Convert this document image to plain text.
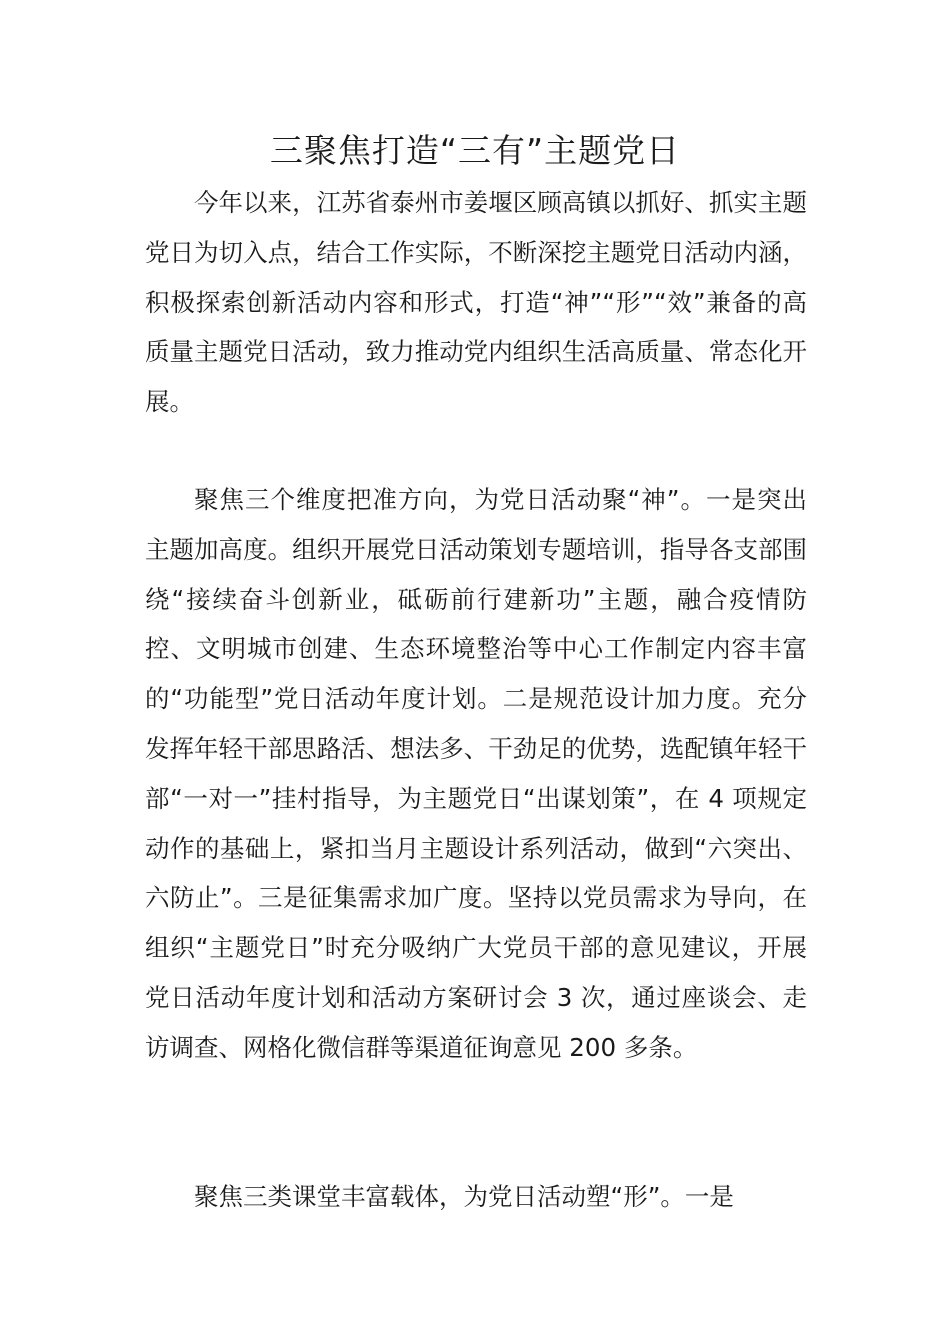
三聚焦打造“三有”主题党日

今年以来，江苏省泰州市姜堰区顾高镇以抓好、抓实主题党日为切入点，结合工作实际，不断深挖主题党日活动内涵，积极探索创新活动内容和形式，打造“神”“形”“效”兼备的高质量主题党日活动，致力推动党内组织生活高质量、常态化开展。

聚焦三个维度把准方向，为党日活动聚“神”。一是突出主题加高度。组织开展党日活动策划专题培训，指导各支部围绕“接续奋斗创新业，砥砺前行建新功”主题，融合疫情防控、文明城市创建、生态环境整治等中心工作制定内容丰富的“功能型”党日活动年度计划。二是规范设计加力度。充分发挥年轻干部思路活、想法多、干劲足的优势，选配镇年轻干部“一对一”挂村指导，为主题党日“出谋划策”，在 4 项规定动作的基础上，紧扣当月主题设计系列活动，做到“六突出、六防止”。三是征集需求加广度。坚持以党员需求为导向，在组织“主题党日”时充分吸纳广大党员干部的意见建议，开展党日活动年度计划和活动方案研讨会 3 次，通过座谈会、走访调查、网格化微信群等渠道征询意见 200 多条。

聚焦三类课堂丰富载体，为党日活动塑“形”。一是
